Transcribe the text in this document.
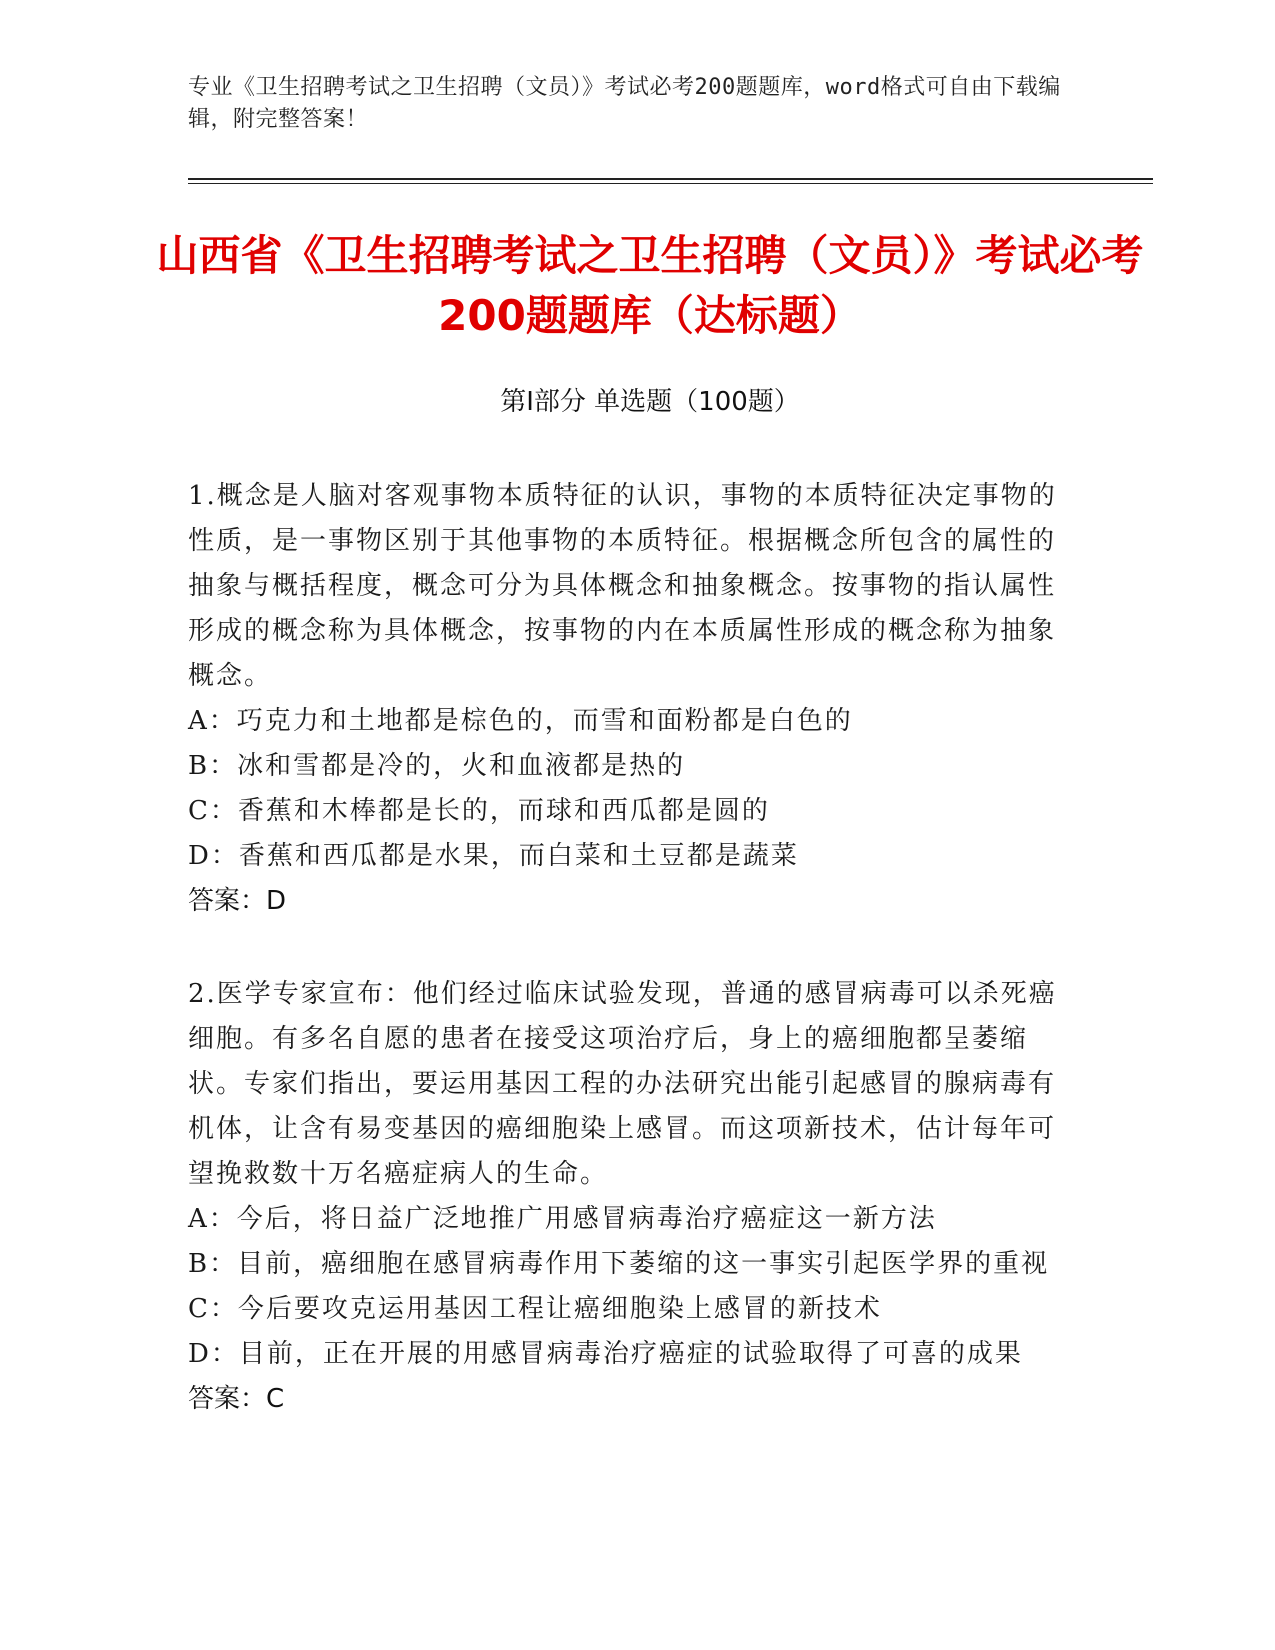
专业《卫生招聘考试之卫生招聘（文员）》考试必考200题题库，word格式可自由下载编辑，附完整答案！
山西省《卫生招聘考试之卫生招聘（文员）》考试必考200题题库（达标题）
第Ⅰ部分 单选题（100题）

1.概念是人脑对客观事物本质特征的认识，事物的本质特征决定事物的性质，是一事物区别于其他事物的本质特征。根据概念所包含的属性的抽象与概括程度，概念可分为具体概念和抽象概念。按事物的指认属性形成的概念称为具体概念，按事物的内在本质属性形成的概念称为抽象概念。

A：巧克力和土地都是棕色的，而雪和面粉都是白色的

B：冰和雪都是冷的，火和血液都是热的

C：香蕉和木棒都是长的，而球和西瓜都是圆的

D：香蕉和西瓜都是水果，而白菜和土豆都是蔬菜

答案：D

2.医学专家宣布：他们经过临床试验发现，普通的感冒病毒可以杀死癌细胞。有多名自愿的患者在接受这项治疗后，身上的癌细胞都呈萎缩状。专家们指出，要运用基因工程的办法研究出能引起感冒的腺病毒有机体，让含有易变基因的癌细胞染上感冒。而这项新技术，估计每年可望挽救数十万名癌症病人的生命。

A：今后，将日益广泛地推广用感冒病毒治疗癌症这一新方法

B：目前，癌细胞在感冒病毒作用下萎缩的这一事实引起医学界的重视

C：今后要攻克运用基因工程让癌细胞染上感冒的新技术

D：目前，正在开展的用感冒病毒治疗癌症的试验取得了可喜的成果

答案：C
